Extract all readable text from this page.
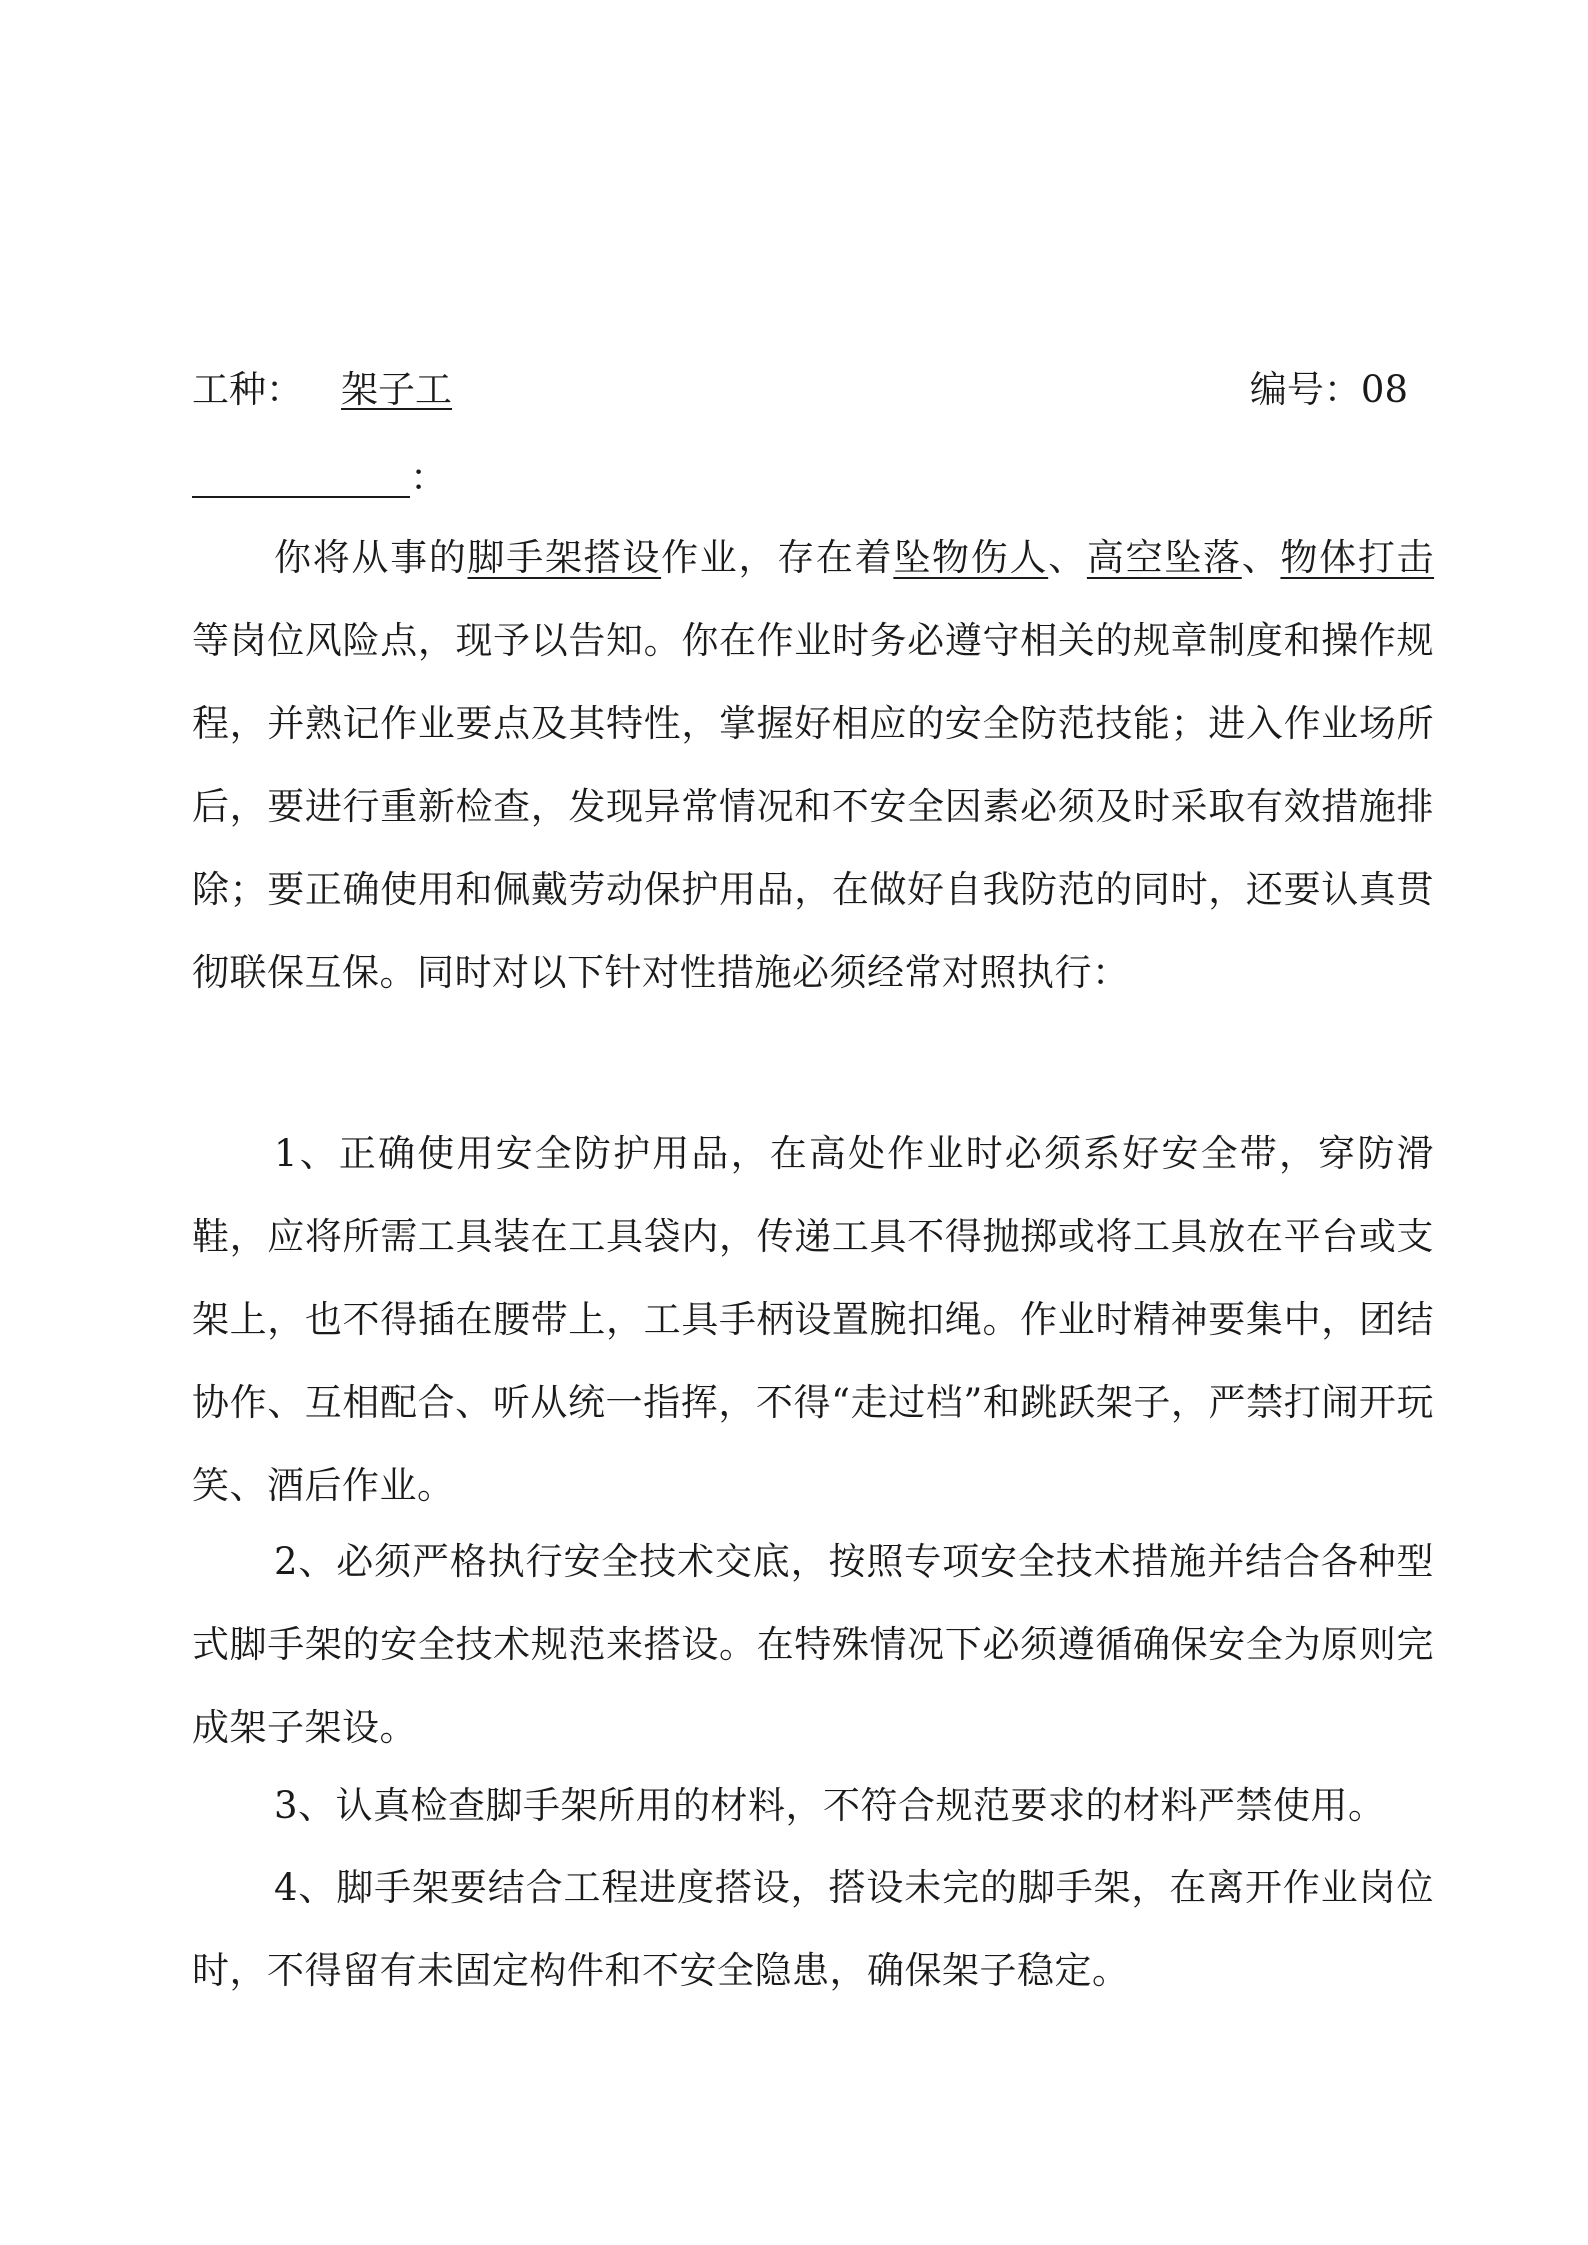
工种： 架子工	编号：08
：
你将从事的脚手架搭设作业，存在着坠物伤人、高空坠落、物体打击等岗位风险点，现予以告知。你在作业时务必遵守相关的规章制度和操作规程，并熟记作业要点及其特性，掌握好相应的安全防范技能；进入作业场所后，要进行重新检查，发现异常情况和不安全因素必须及时采取有效措施排除；要正确使用和佩戴劳动保护用品，在做好自我防范的同时，还要认真贯彻联保互保。同时对以下针对性措施必须经常对照执行：

1、正确使用安全防护用品，在高处作业时必须系好安全带，穿防滑鞋，应将所需工具装在工具袋内，传递工具不得抛掷或将工具放在平台或支架上，也不得插在腰带上，工具手柄设置腕扣绳。作业时精神要集中，团结协作、互相配合、听从统一指挥，不得“走过档”和跳跃架子，严禁打闹开玩笑、酒后作业。

2、必须严格执行安全技术交底，按照专项安全技术措施并结合各种型式脚手架的安全技术规范来搭设。在特殊情况下必须遵循确保安全为原则完成架子架设。

3、认真检查脚手架所用的材料，不符合规范要求的材料严禁使用。

4、脚手架要结合工程进度搭设，搭设未完的脚手架，在离开作业岗位时，不得留有未固定构件和不安全隐患，确保架子稳定。
